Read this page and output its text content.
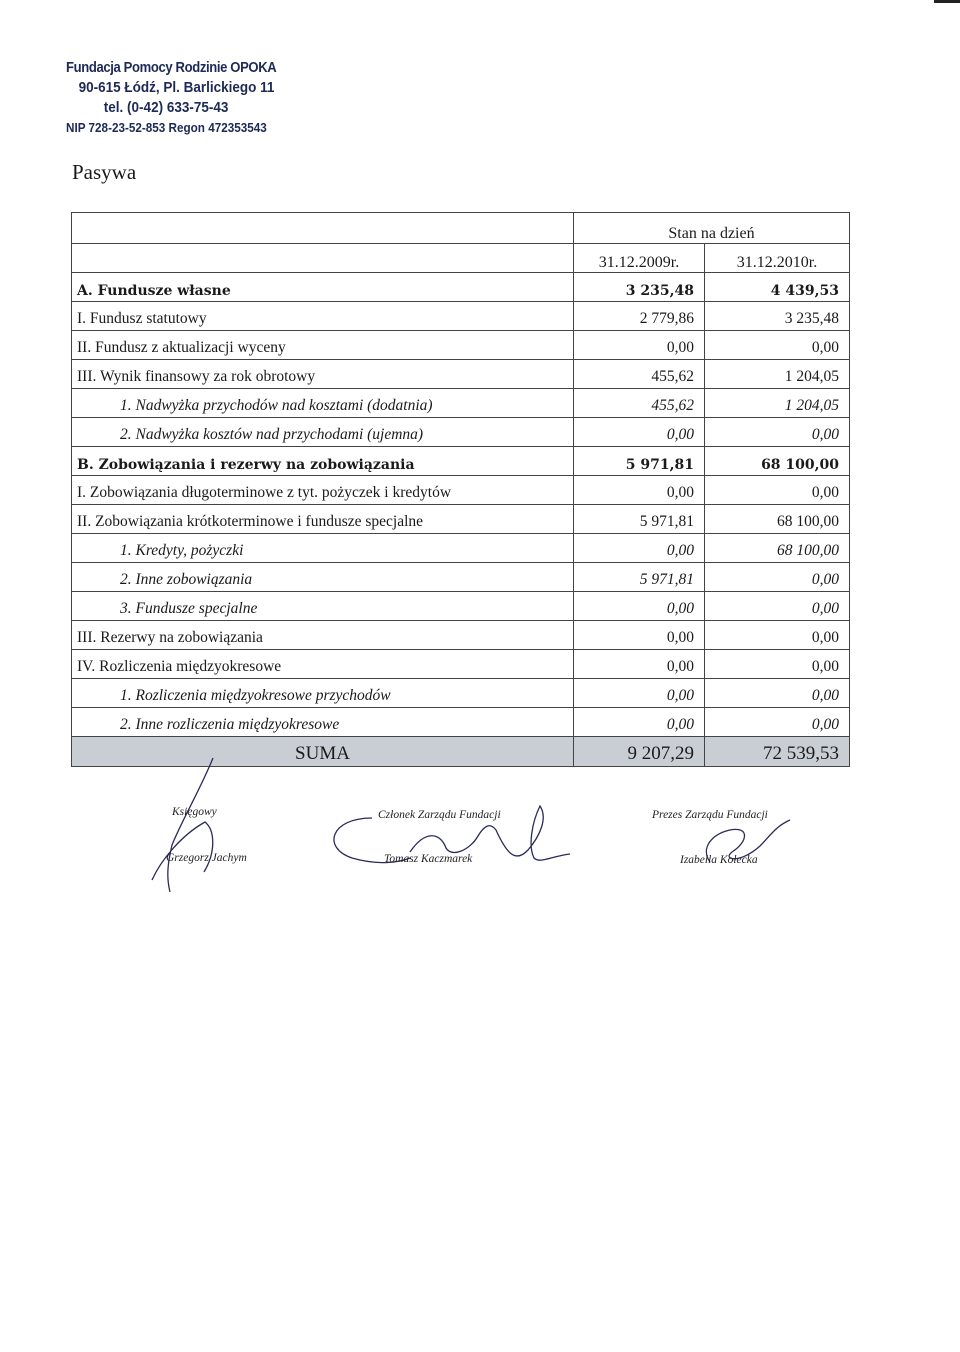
Fundacja Pomocy Rodzinie OPOKA
90-615 Łódź, Pl. Barlickiego 11
tel. (0-42) 633-75-43
NIP 728-23-52-853 Regon 472353543
Pasywa
	Stan na dzień	
	31.12.2009r.	31.12.2010r.
A. Fundusze własne	3 235,48	4 439,53
I. Fundusz statutowy	2 779,86	3 235,48
II. Fundusz z aktualizacji wyceny	0,00	0,00
III. Wynik finansowy za rok obrotowy	455,62	1 204,05
1. Nadwyżka przychodów nad kosztami (dodatnia)	455,62	1 204,05
2. Nadwyżka kosztów nad przychodami (ujemna)	0,00	0,00
B. Zobowiązania i rezerwy na zobowiązania	5 971,81	68 100,00
I. Zobowiązania długoterminowe z tyt. pożyczek i kredytów	0,00	0,00
II. Zobowiązania krótkoterminowe i fundusze specjalne	5 971,81	68 100,00
1. Kredyty, pożyczki	0,00	68 100,00
2. Inne zobowiązania	5 971,81	0,00
3. Fundusze specjalne	0,00	0,00
III. Rezerwy na zobowiązania	0,00	0,00
IV. Rozliczenia międzyokresowe	0,00	0,00
1. Rozliczenia międzyokresowe przychodów	0,00	0,00
2. Inne rozliczenia międzyokresowe	0,00	0,00
SUMA	9 207,29	72 539,53
Księgowy
Grzegorz Jachym
Członek Zarządu Fundacji
Tomasz Kaczmarek
Prezes Zarządu Fundacji
Izabella Kołecka
